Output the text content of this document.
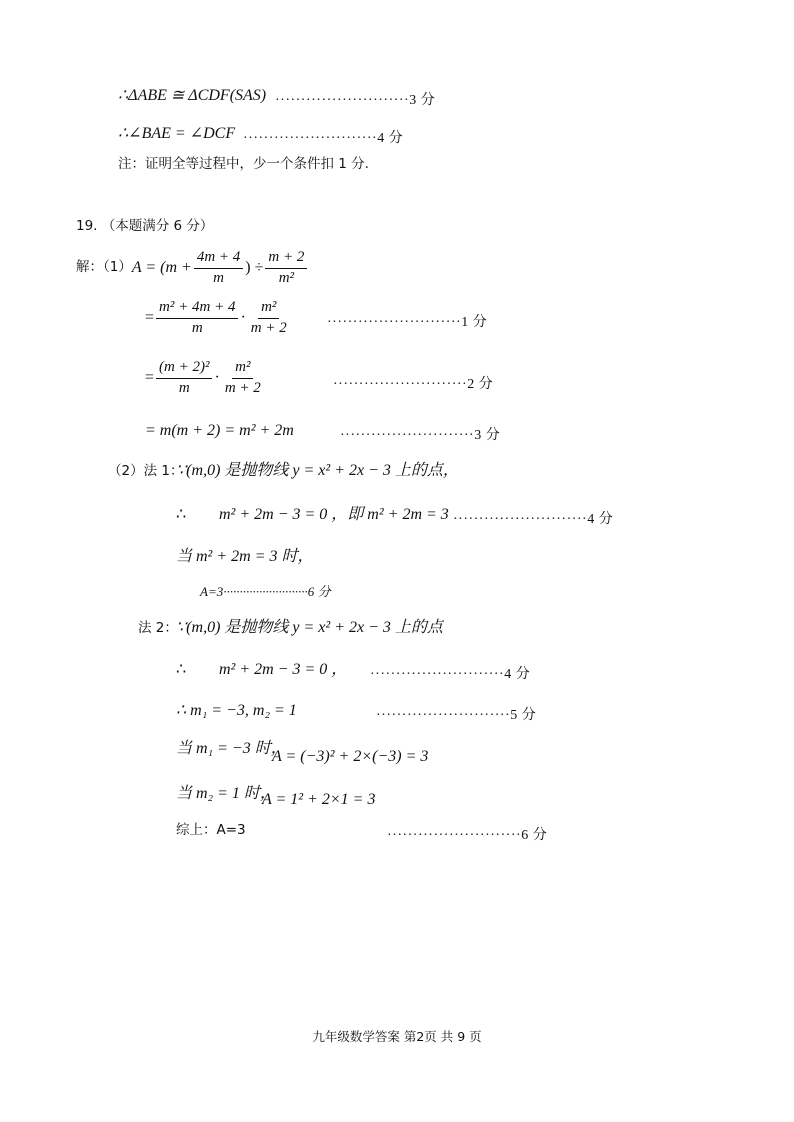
∴ΔABE ≅ ΔCDF(SAS) ··························3 分
∴∠BAE = ∠DCF ··························4 分
注：证明全等过程中，少一个条件扣 1 分.
19. （本题满分 6 分）
解：（1） $A = (m + \frac{4m + 4}{m}$ ) ÷ $\frac{m + 2}{\text{m²}}$
= $\frac{\text{m² + 4m + 4}}{m} \cdot \frac{\text{m²}}{m + 2}$	··························1 分
= $\frac{\text{(m + 2)²}}{m} \cdot \frac{\text{m²}}{m + 2}$	··························2 分
= m(m + 2) = m² + 2m	··························3 分
（2）法 1：
∵(m,0) 是抛物线 y = x² + 2x − 3 上的点，
∴ m² + 2m − 3 = 0 ，即 m² + 2m = 3 ··························4 分
当 m² + 2m = 3 时，
A=3··························6 分
法 2：
∵(m,0) 是抛物线 y = x² + 2x − 3 上的点
∴ m² + 2m − 3 = 0 ， ··························4 分
∴ m₁ = −3, m₂ = 1	··························5 分
当 m₁ = −3 时，
A = (−3)² + 2×(−3) = 3
当 m₂ = 1 时，
A = 1² + 2×1 = 3
综上：A=3	··························6 分
九年级数学答案 第2页 共 9 页
